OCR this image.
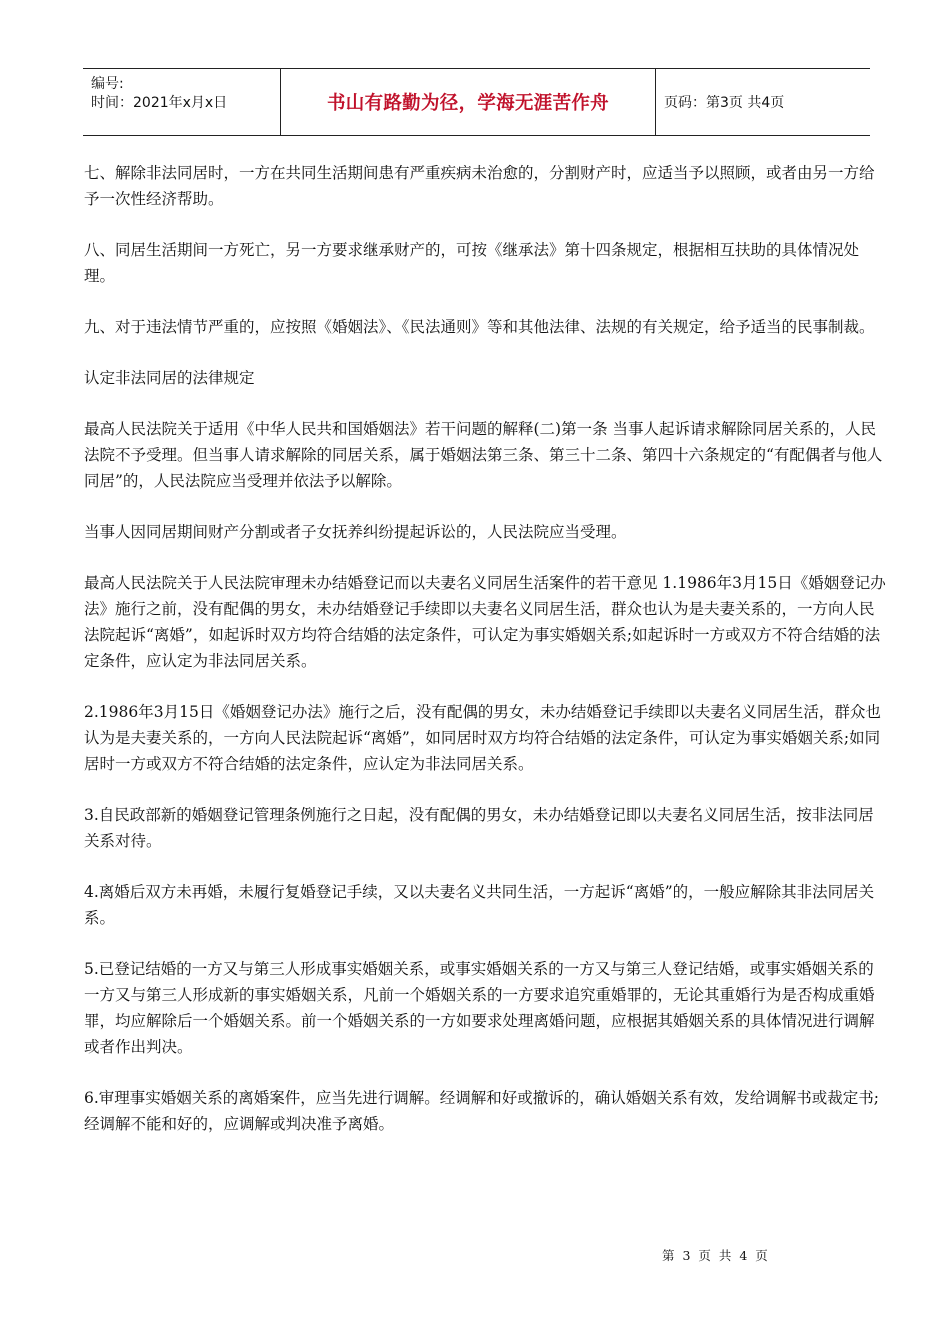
编号:
时间：2021年x月x日	书山有路勤为径，学海无涯苦作舟	页码：第3页 共4页

七、解除非法同居时，一方在共同生活期间患有严重疾病未治愈的，分割财产时，应适当予以照顾，或者由另一方给予一次性经济帮助。

八、同居生活期间一方死亡，另一方要求继承财产的，可按《继承法》第十四条规定，根据相互扶助的具体情况处理。

九、对于违法情节严重的，应按照《婚姻法》、《民法通则》等和其他法律、法规的有关规定，给予适当的民事制裁。

认定非法同居的法律规定

最高人民法院关于适用《中华人民共和国婚姻法》若干问题的解释(二)第一条 当事人起诉请求解除同居关系的，人民法院不予受理。但当事人请求解除的同居关系，属于婚姻法第三条、第三十二条、第四十六条规定的“有配偶者与他人同居”的，人民法院应当受理并依法予以解除。

当事人因同居期间财产分割或者子女抚养纠纷提起诉讼的，人民法院应当受理。

最高人民法院关于人民法院审理未办结婚登记而以夫妻名义同居生活案件的若干意见 1.1986年3月15日《婚姻登记办法》施行之前，没有配偶的男女，未办结婚登记手续即以夫妻名义同居生活，群众也认为是夫妻关系的，一方向人民法院起诉“离婚”，如起诉时双方均符合结婚的法定条件，可认定为事实婚姻关系;如起诉时一方或双方不符合结婚的法定条件，应认定为非法同居关系。

2.1986年3月15日《婚姻登记办法》施行之后，没有配偶的男女，未办结婚登记手续即以夫妻名义同居生活，群众也认为是夫妻关系的，一方向人民法院起诉“离婚”，如同居时双方均符合结婚的法定条件，可认定为事实婚姻关系;如同居时一方或双方不符合结婚的法定条件，应认定为非法同居关系。

3.自民政部新的婚姻登记管理条例施行之日起，没有配偶的男女，未办结婚登记即以夫妻名义同居生活，按非法同居关系对待。

4.离婚后双方未再婚，未履行复婚登记手续，又以夫妻名义共同生活，一方起诉“离婚”的，一般应解除其非法同居关系。

5.已登记结婚的一方又与第三人形成事实婚姻关系，或事实婚姻关系的一方又与第三人登记结婚，或事实婚姻关系的一方又与第三人形成新的事实婚姻关系，凡前一个婚姻关系的一方要求追究重婚罪的，无论其重婚行为是否构成重婚罪，均应解除后一个婚姻关系。前一个婚姻关系的一方如要求处理离婚问题，应根据其婚姻关系的具体情况进行调解或者作出判决。

6.审理事实婚姻关系的离婚案件，应当先进行调解。经调解和好或撤诉的，确认婚姻关系有效，发给调解书或裁定书;经调解不能和好的，应调解或判决准予离婚。

第 3 页 共 4 页
